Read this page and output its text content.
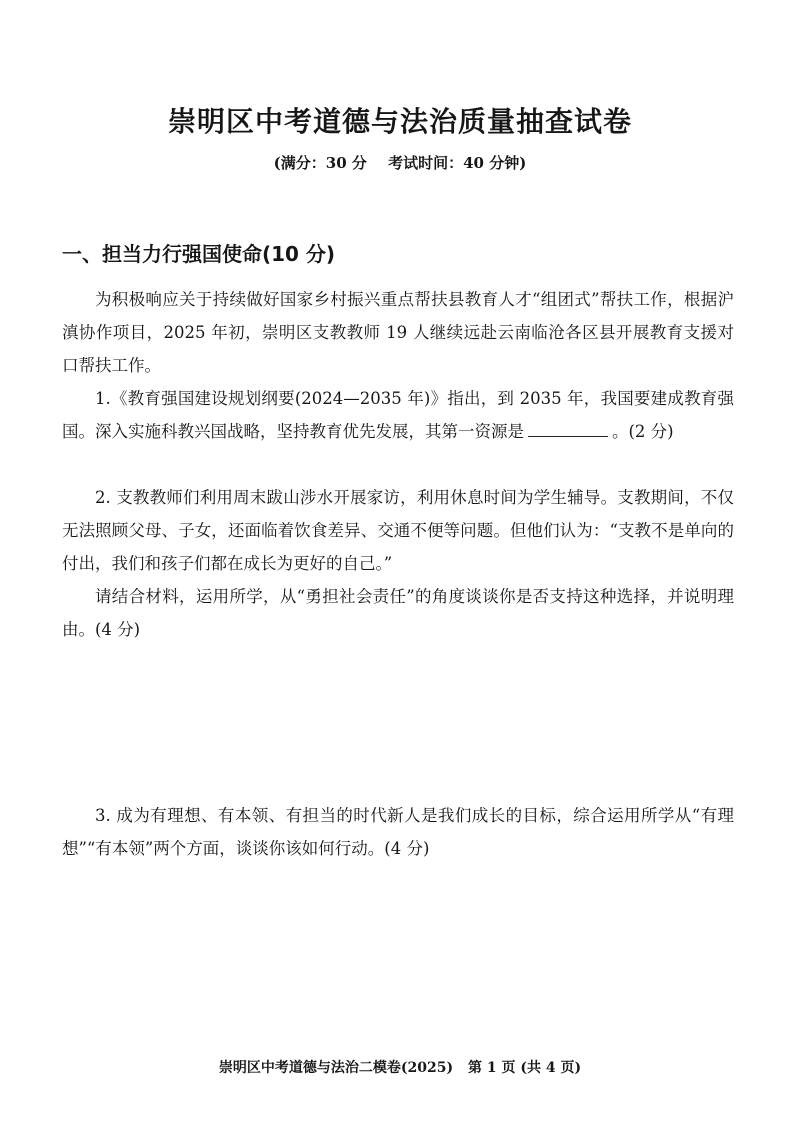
崇明区中考道德与法治质量抽查试卷
(满分：30 分 考试时间：40 分钟)
一、担当力行强国使命(10 分)

为积极响应关于持续做好国家乡村振兴重点帮扶县教育人才“组团式”帮扶工作，根据沪滇协作项目，2025 年初，崇明区支教教师 19 人继续远赴云南临沧各区县开展教育支援对口帮扶工作。

1.《教育强国建设规划纲要(2024—2035 年)》指出，到 2035 年，我国要建成教育强国。深入实施科教兴国战略，坚持教育优先发展，其第一资源是	。(2 分)

2. 支教教师们利用周末跋山涉水开展家访，利用休息时间为学生辅导。支教期间，不仅无法照顾父母、子女，还面临着饮食差异、交通不便等问题。但他们认为：“支教不是单向的付出，我们和孩子们都在成长为更好的自己。”

请结合材料，运用所学，从“勇担社会责任”的角度谈谈你是否支持这种选择，并说明理由。(4 分)

3. 成为有理想、有本领、有担当的时代新人是我们成长的目标，综合运用所学从“有理想”“有本领”两个方面，谈谈你该如何行动。(4 分)

崇明区中考道德与法治二模卷(2025) 第 1 页 (共 4 页)
